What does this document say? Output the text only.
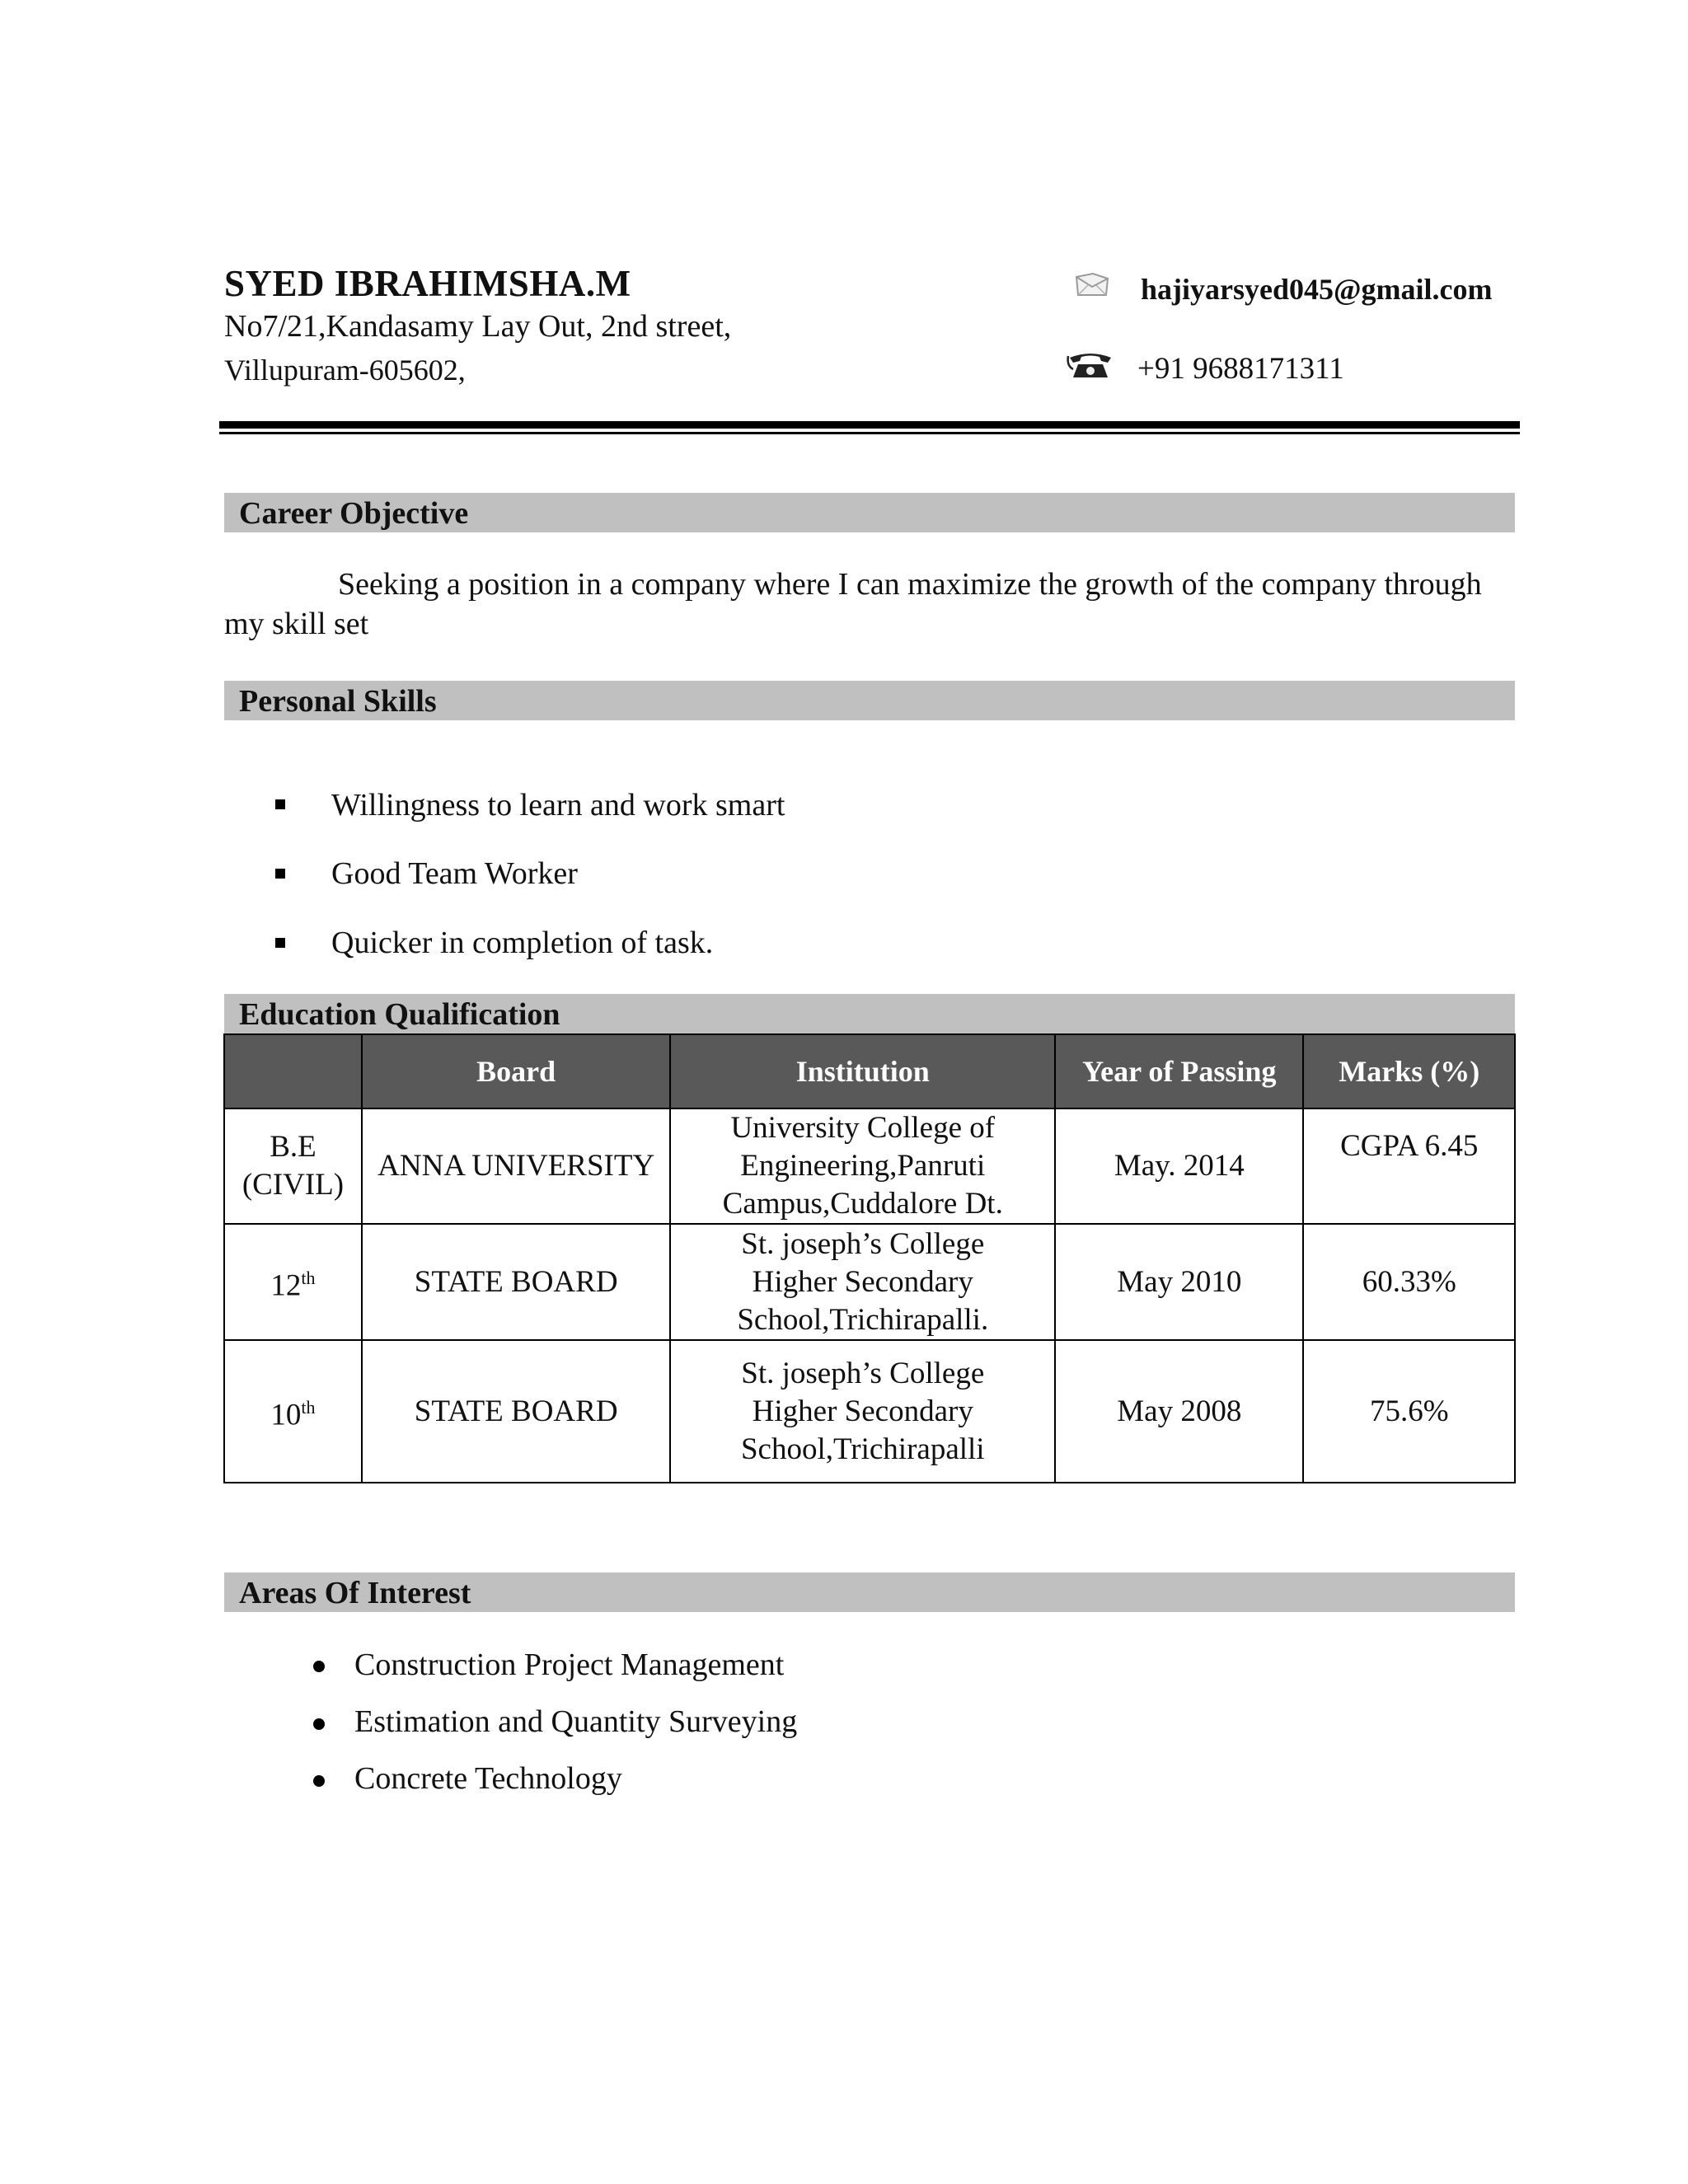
SYED IBRAHIMSHA.M
No7/21,Kandasamy Lay Out, 2nd street,
Villupuram-605602,
hajiyarsyed045@gmail.com
+91 9688171311
Career Objective
Seeking a position in a company where I can maximize the growth of the company through my skill set
Personal Skills
Willingness to learn and work smart
Good Team Worker
Quicker in completion of task.
Education Qualification
	Board	Institution	Year of Passing	Marks (%)
B.E (CIVIL)	ANNA UNIVERSITY	University College of Engineering,Panruti Campus,Cuddalore Dt.	May. 2014	CGPA 6.45
12th	STATE BOARD	St. joseph’s College Higher Secondary School,Trichirapalli.	May 2010	60.33%
10th	STATE BOARD	St. joseph’s College Higher Secondary School,Trichirapalli	May 2008	75.6%
Areas Of Interest
Construction Project Management
Estimation and Quantity Surveying
Concrete Technology
